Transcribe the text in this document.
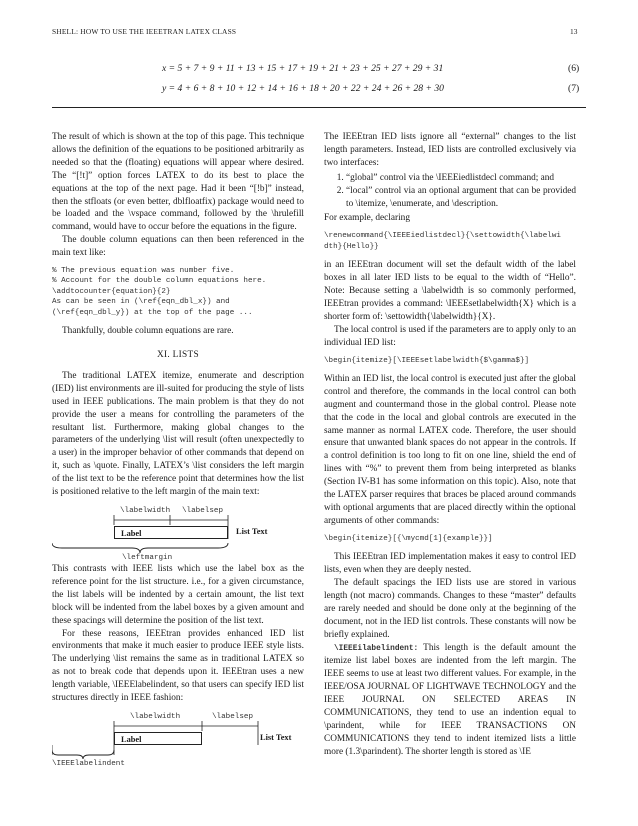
SHELL: HOW TO USE THE IEEETRAN LATEX CLASS	13
x = 5 + 7 + 9 + 11 + 13 + 15 + 17 + 19 + 21 + 23 + 25 + 27 + 29 + 31	(6)
y = 4 + 6 + 8 + 10 + 12 + 14 + 16 + 18 + 20 + 22 + 24 + 26 + 28 + 30	(7)

The result of which is shown at the top of this page. This technique allows the definition of the equations to be positioned arbitrarily as needed so that the (floating) equations will appear where desired. The “[!t]” option forces LATEX to do its best to place the equations at the top of the next page. Had it been “[!b]” instead, then the stfloats (or even better, dblfloatfix) package would need to be loaded and the \vspace command, followed by the \hrulefill command, would have to occur before the equations in the figure.

The double column equations can then been referenced in the main text like:

% The previous equation was number five.
% Account for the double column equations here.
\addtocounter{equation}{2}
As can be seen in (\ref{eqn_dbl_x}) and
(\ref{eqn_dbl_y}) at the top of the page ...

Thankfully, double column equations are rare.

XI. LISTS

The traditional LATEX itemize, enumerate and description (IED) list environments are ill-suited for producing the style of lists used in IEEE publications. The main problem is that they do not provide the user a means for controlling the parameters of the resultant list. Furthermore, making global changes to the parameters of the underlying \list will result (often unexpectedly to a user) in the improper behavior of other commands that depend on it, such as \quote. Finally, LATEX’s \list considers the left margin of the list text to be the reference point that determines how the list is positioned relative to the left margin of the main text:

\labelwidth \labelsep
Label	List Text
\leftmargin

This contrasts with IEEE lists which use the label box as the reference point for the list structure. i.e., for a given circumstance, the list labels will be indented by a certain amount, the list text block will be indented from the label boxes by a given amount and these spacings will determine the position of the list text.

For these reasons, IEEEtran provides enhanced IED list environments that make it much easier to produce IEEE style lists. The underlying \list remains the same as in traditional LATEX so as not to break code that depends upon it. IEEEtran uses a new length variable, \IEEElabelindent, so that users can specify IED list structures directly in IEEE fashion:

\labelwidth	\labelsep
Label	List Text
\IEEElabelindent

The IEEEtran IED lists ignore all “external” changes to the list length parameters. Instead, IED lists are controlled exclusively via two interfaces:

1. “global” control via the \IEEEiedlistdecl command; and
2. “local” control via an optional argument that can be provided to \itemize, \enumerate, and \description.

For example, declaring

\renewcommand{\IEEEiedlistdecl}{\settowidth{\labelwi
dth}{Hello}}

in an IEEEtran document will set the default width of the label boxes in all later IED lists to be equal to the width of “Hello”. Note: Because setting a \labelwidth is so commonly performed, IEEEtran provides a command: \IEEEsetlabelwidth{X} which is a shorter form of: \settowidth{\labelwidth}{X}.

The local control is used if the parameters are to apply only to an individual IED list:

\begin{itemize}[\IEEEsetlabelwidth{$\gamma$}]

Within an IED list, the local control is executed just after the global control and therefore, the commands in the local control can both augment and countermand those in the global control. Please note that the code in the local and global controls are executed in the same manner as normal LATEX code. Therefore, the user should ensure that unwanted blank spaces do not appear in the controls. If a control definition is too long to fit on one line, shield the end of lines with “%” to prevent them from being interpreted as blanks (Section IV-B1 has some information on this topic). Also, note that the LATEX parser requires that braces be placed around commands with optional arguments that are placed directly within the optional arguments of other commands:

\begin{itemize}[{\mycmd[1]{example}}]

This IEEEtran IED implementation makes it easy to control IED lists, even when they are deeply nested.

The default spacings the IED lists use are stored in various length (not macro) commands. Changes to these “master” defaults are rarely needed and should be done only at the beginning of the document, not in the IED list controls. These constants will now be briefly explained.

\IEEEilabelindent: This length is the default amount the itemize list label boxes are indented from the left margin. The IEEE seems to use at least two different values. For example, in the IEEE/OSA JOURNAL OF LIGHTWAVE TECHNOLOGY and the IEEE JOURNAL ON SELECTED AREAS IN COMMUNICATIONS, they tend to use an indention equal to \parindent, while for IEEE TRANSACTIONS ON COMMUNICATIONS they tend to indent itemized lists a little more (1.3\parindent). The shorter length is stored as \IE
